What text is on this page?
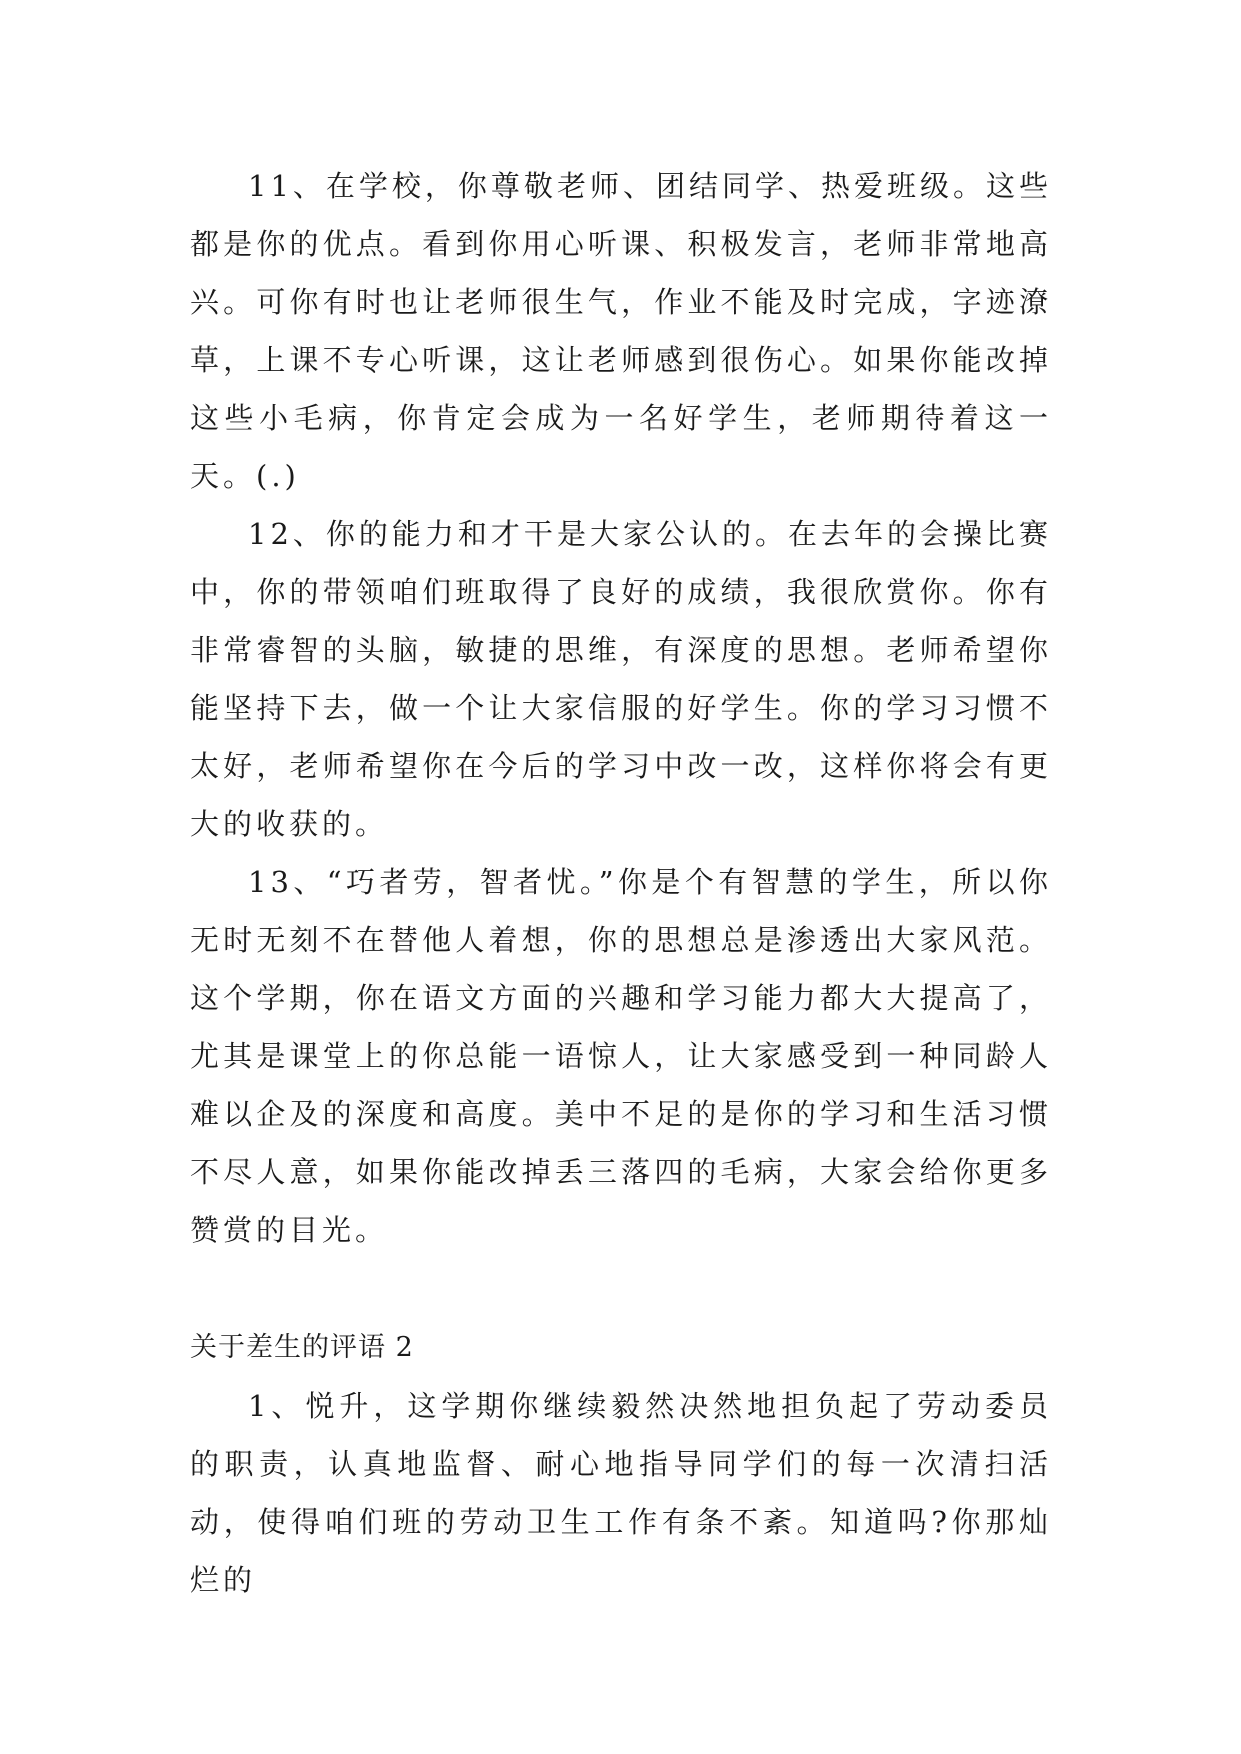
11、在学校，你尊敬老师、团结同学、热爱班级。这些都是你的优点。看到你用心听课、积极发言，老师非常地高兴。可你有时也让老师很生气，作业不能及时完成，字迹潦草，上课不专心听课，这让老师感到很伤心。如果你能改掉这些小毛病，你肯定会成为一名好学生，老师期待着这一天。(.)

12、你的能力和才干是大家公认的。在去年的会操比赛中，你的带领咱们班取得了良好的成绩，我很欣赏你。你有非常睿智的头脑，敏捷的思维，有深度的思想。老师希望你能坚持下去，做一个让大家信服的好学生。你的学习习惯不太好，老师希望你在今后的学习中改一改，这样你将会有更大的收获的。

13、“巧者劳，智者忧。”你是个有智慧的学生，所以你无时无刻不在替他人着想，你的思想总是渗透出大家风范。这个学期，你在语文方面的兴趣和学习能力都大大提高了，尤其是课堂上的你总能一语惊人，让大家感受到一种同龄人难以企及的深度和高度。美中不足的是你的学习和生活习惯不尽人意，如果你能改掉丢三落四的毛病，大家会给你更多赞赏的目光。

关于差生的评语 2

1、悦升，这学期你继续毅然决然地担负起了劳动委员的职责，认真地监督、耐心地指导同学们的每一次清扫活动，使得咱们班的劳动卫生工作有条不紊。知道吗?你那灿烂的
